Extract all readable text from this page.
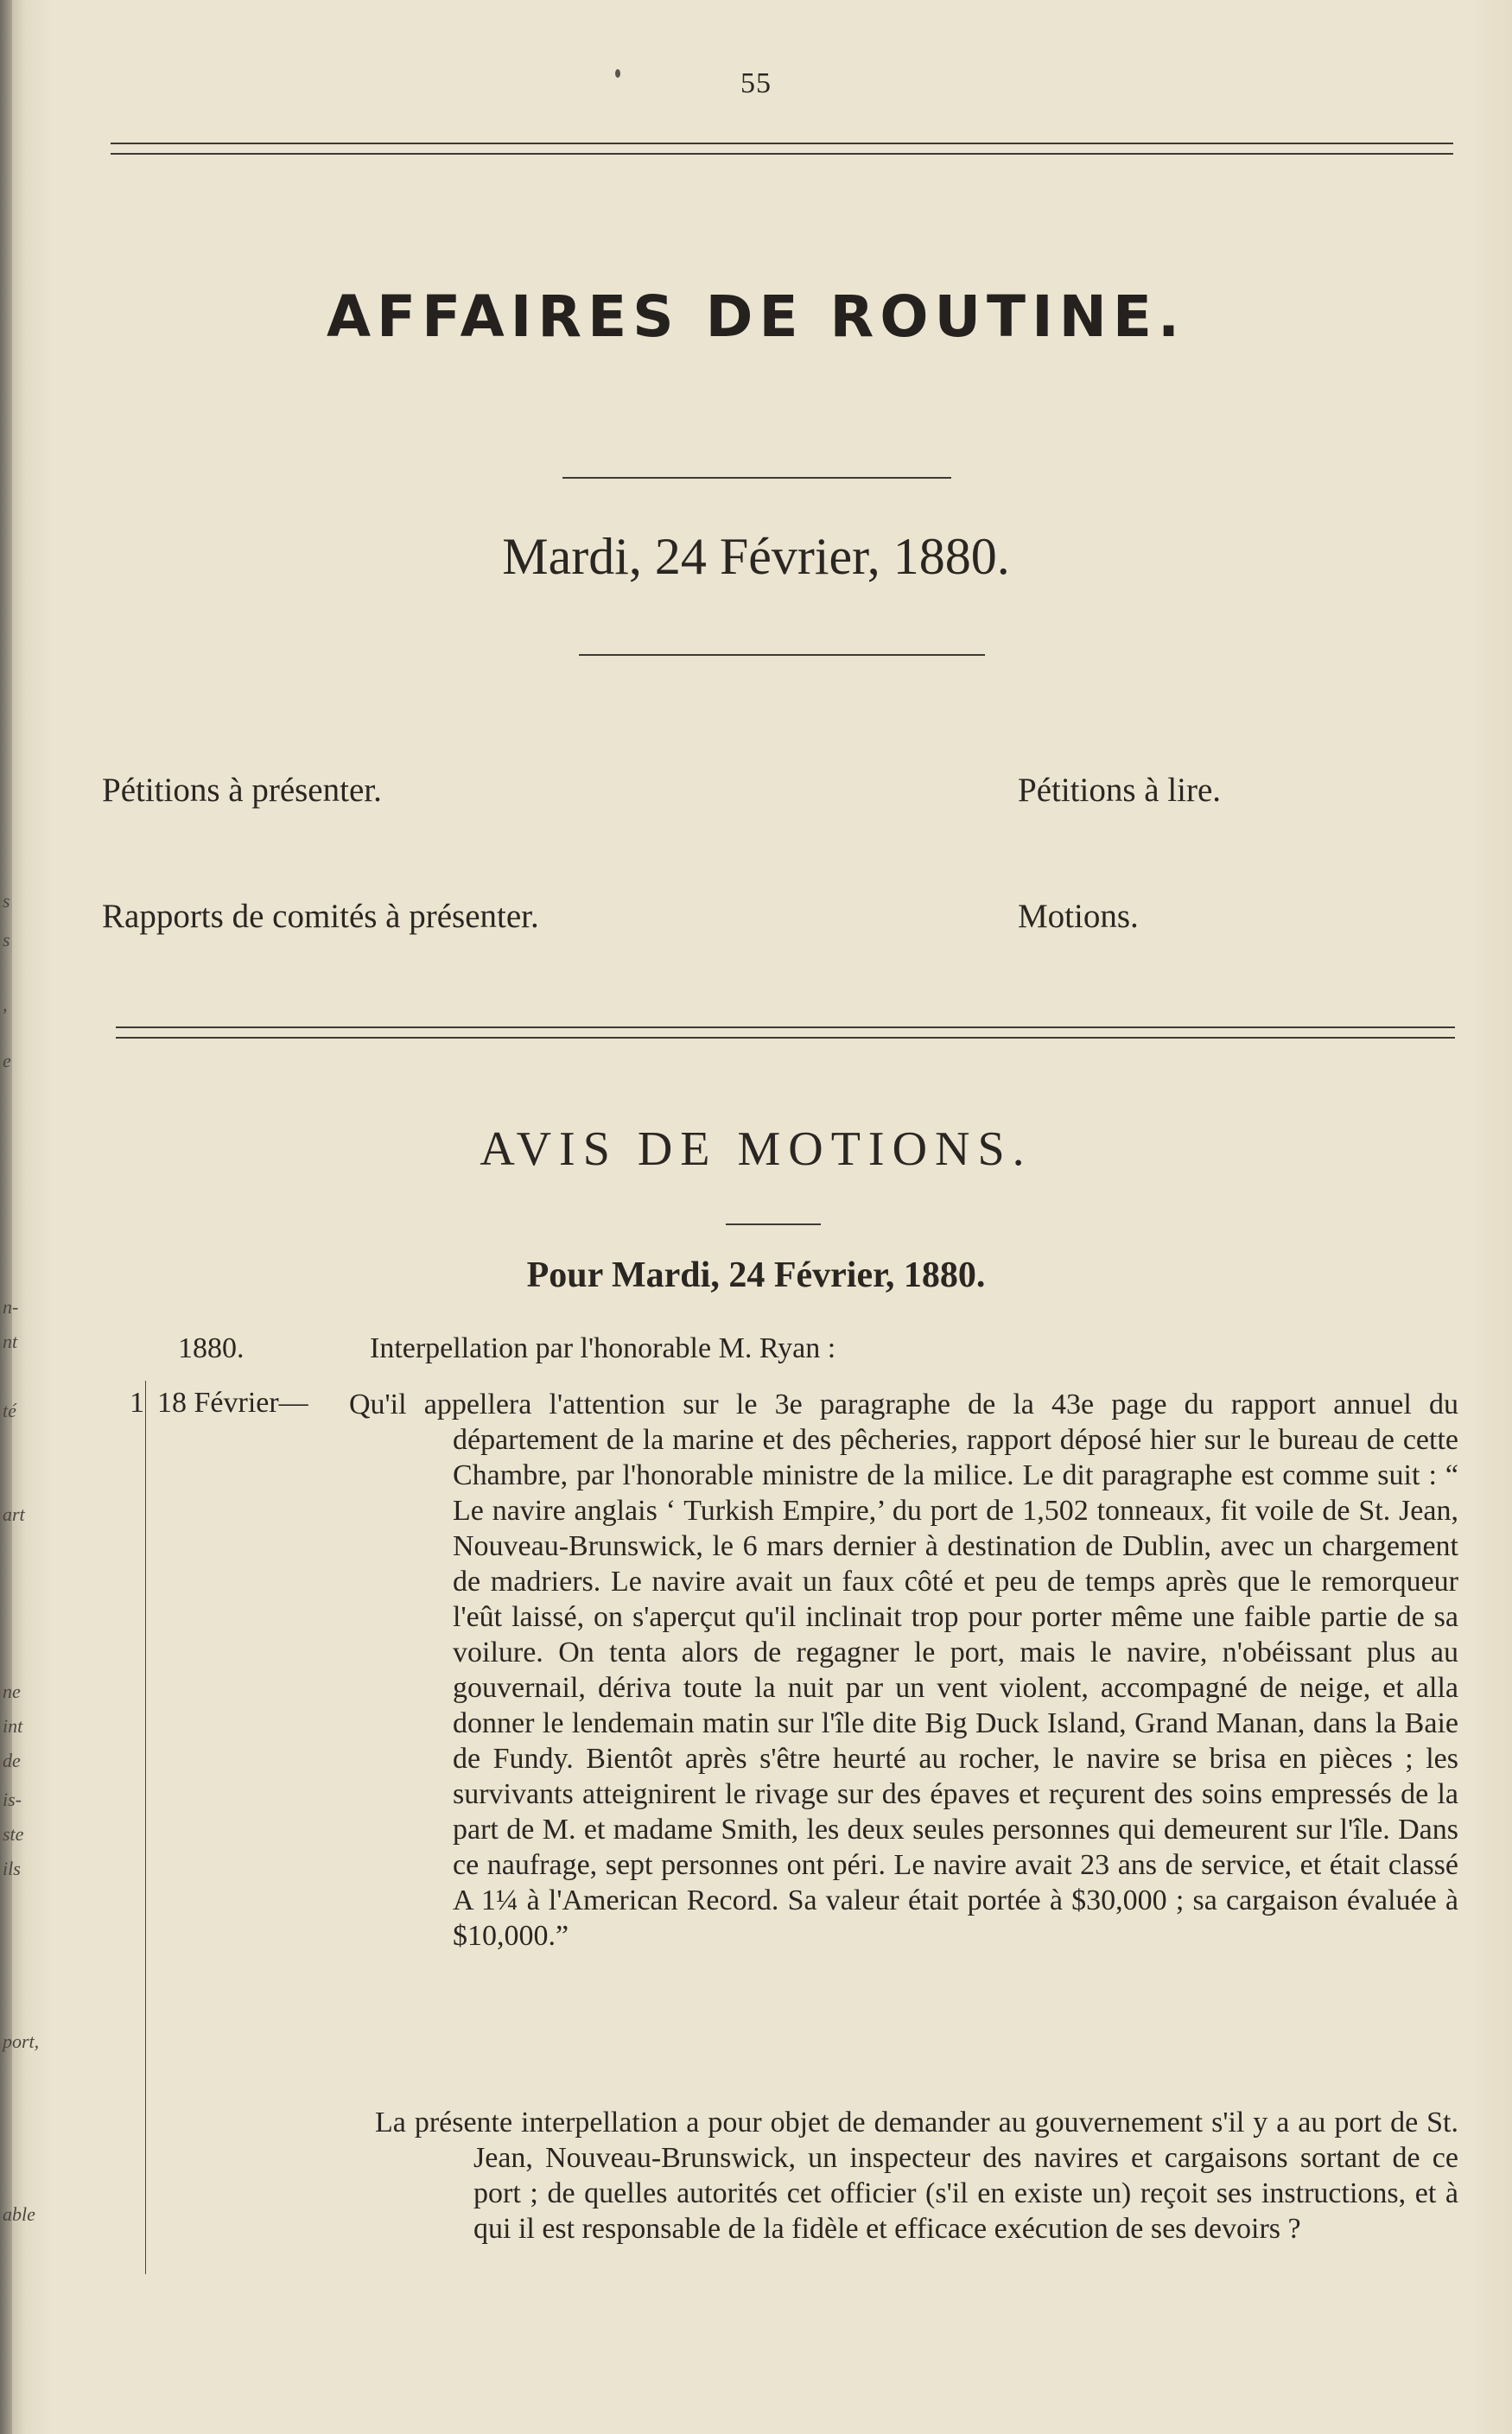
s
s
,
e
n-
nt
té
art
ne
int
de
is-
ste
ils
port,
able
55
AFFAIRES DE ROUTINE.
Mardi, 24 Février, 1880.
Pétitions à présenter.	Pétitions à lire.
Rapports de comités à présenter.	Motions.
AVIS DE MOTIONS.
Pour Mardi, 24 Février, 1880.
1880.	Interpellation par l'honorable M. Ryan :
1 18 Février— Qu'il appellera l'attention sur le 3e paragraphe de la 43e page du rapport annuel du département de la marine et des pêcheries, rapport déposé hier sur le bureau de cette Chambre, par l'honorable ministre de la milice. Le dit paragraphe est comme suit : “ Le navire anglais ‘ Turkish Empire,’ du port de 1,502 tonneaux, fit voile de St. Jean, Nouveau-Brunswick, le 6 mars dernier à destination de Dublin, avec un chargement de madriers. Le navire avait un faux côté et peu de temps après que le remorqueur l'eût laissé, on s'aperçut qu'il inclinait trop pour porter même une faible partie de sa voilure. On tenta alors de regagner le port, mais le navire, n'obéissant plus au gouvernail, dériva toute la nuit par un vent violent, accompagné de neige, et alla donner le lendemain matin sur l'île dite Big Duck Island, Grand Manan, dans la Baie de Fundy. Bientôt après s'être heurté au rocher, le navire se brisa en pièces ; les survivants atteignirent le rivage sur des épaves et reçurent des soins empressés de la part de M. et madame Smith, les deux seules personnes qui demeurent sur l'île. Dans ce naufrage, sept personnes ont péri. Le navire avait 23 ans de service, et était classé A 1¼ à l'American Record. Sa valeur était portée à $30,000 ; sa cargaison évaluée à $10,000.”

La présente interpellation a pour objet de demander au gouvernement s'il y a au port de St. Jean, Nouveau-Brunswick, un inspecteur des navires et cargaisons sortant de ce port ; de quelles autorités cet officier (s'il en existe un) reçoit ses instructions, et à qui il est responsable de la fidèle et efficace exécution de ses devoirs ?
